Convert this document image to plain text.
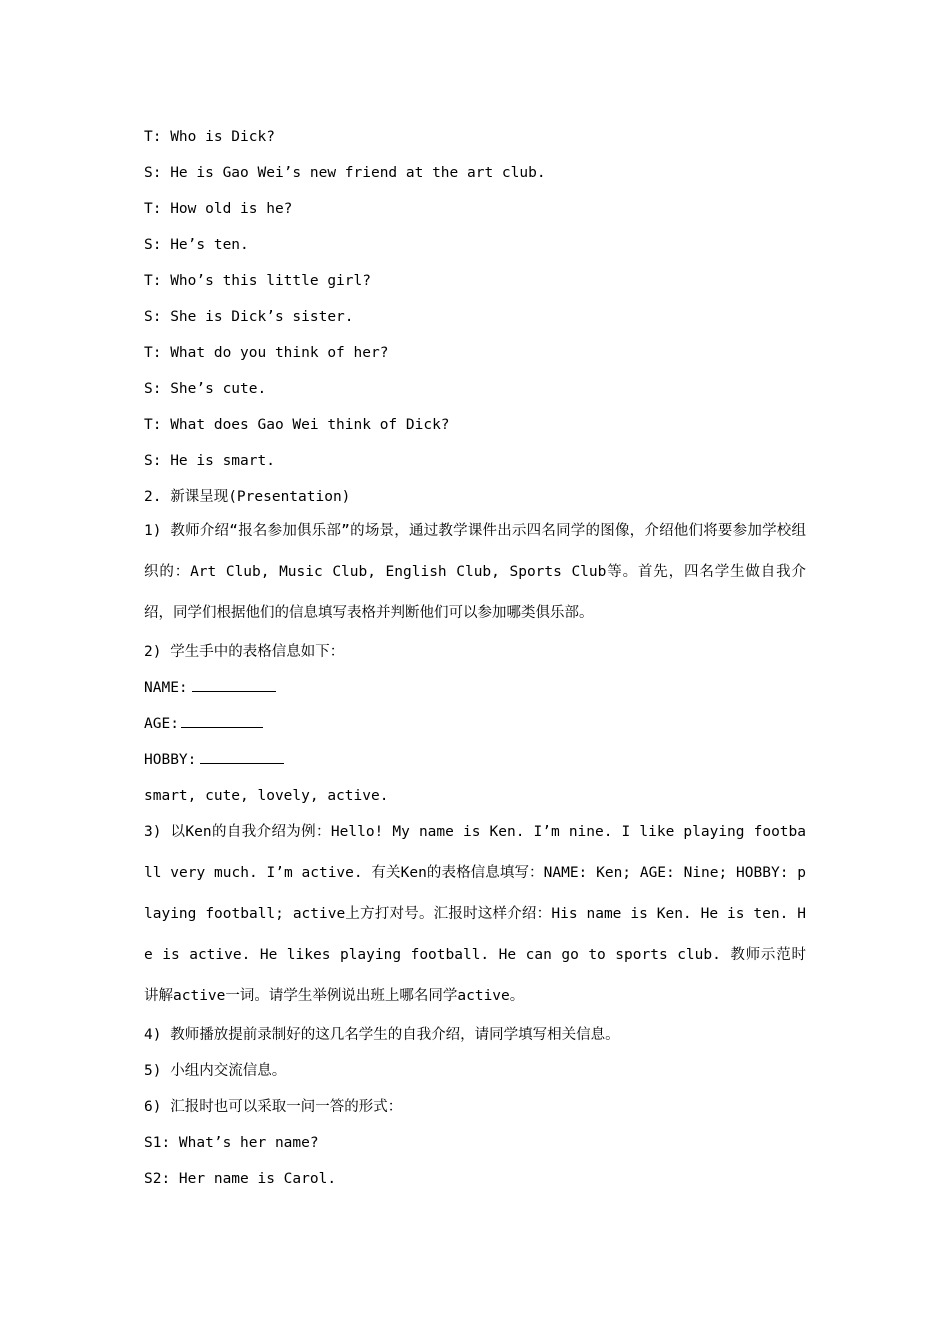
T: Who is Dick?
S: He is Gao Wei’s new friend at the art club.
T: How old is he?
S: He’s ten.
T: Who’s this little girl?
S: She is Dick’s sister.
T: What do you think of her?
S: She’s cute.
T: What does Gao Wei think of Dick?
S: He is smart.
2. 新课呈现(Presentation)

1) 教师介绍“报名参加俱乐部”的场景，通过教学课件出示四名同学的图像，介绍他们将要参加学校组织的：Art Club, Music Club, English Club, Sports Club等。首先，四名学生做自我介绍，同学们根据他们的信息填写表格并判断他们可以参加哪类俱乐部。

2) 学生手中的表格信息如下：
NAME:
AGE:
HOBBY:
smart, cute, lovely, active.

3) 以Ken的自我介绍为例：Hello! My name is Ken. I’m nine. I like playing football very much. I’m active. 有关Ken的表格信息填写：NAME: Ken; AGE: Nine; HOBBY: playing football; active上方打对号。汇报时这样介绍：His name is Ken. He is ten. He is active. He likes playing football. He can go to sports club. 教师示范时讲解active一词。请学生举例说出班上哪名同学active。

4) 教师播放提前录制好的这几名学生的自我介绍，请同学填写相关信息。
5) 小组内交流信息。
6) 汇报时也可以采取一问一答的形式：
S1: What’s her name?
S2: Her name is Carol.
